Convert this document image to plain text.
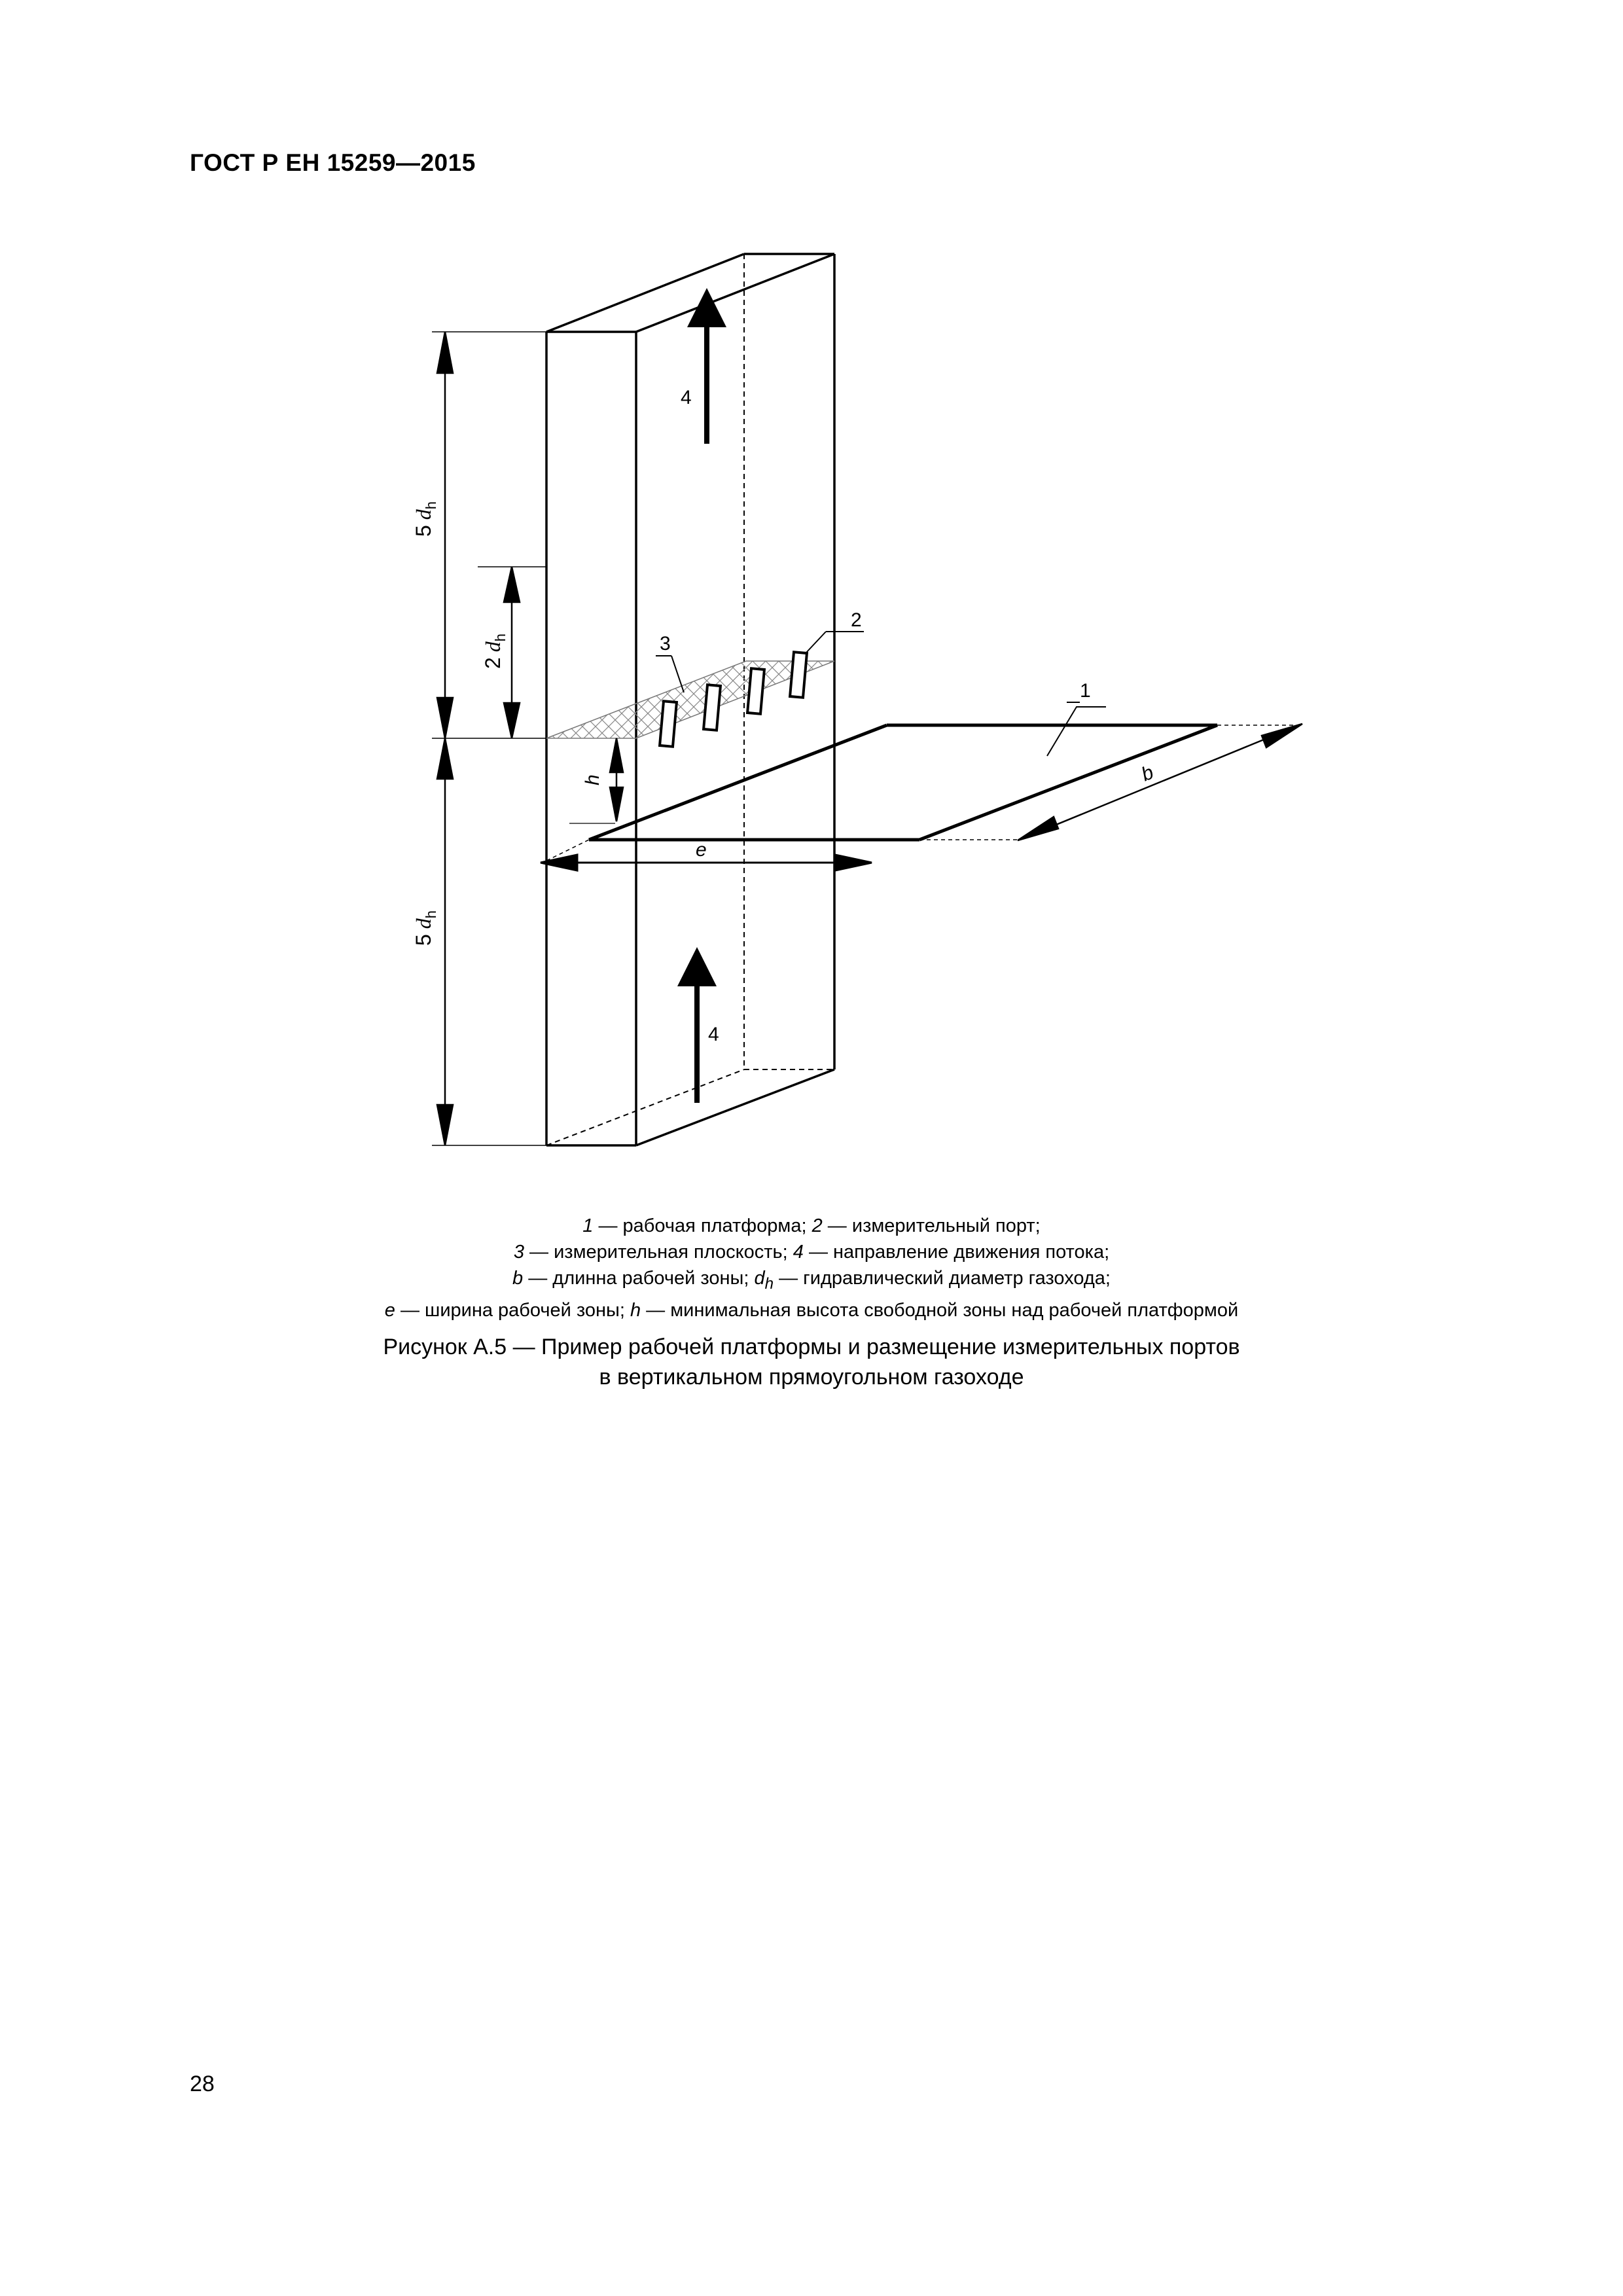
ГОСТ Р ЕН 15259—2015
b
e
h
$5d_h$
$5d_h$
$2d_h$
4
4
1
2
3
1 — рабочая платформа; 2 — измерительный порт;
3 — измерительная плоскость; 4 — направление движения потока;
b — длинна рабочей зоны; $d_h$ — гидравлический диаметр газохода;
e — ширина рабочей зоны; h — минимальная высота свободной зоны над рабочей платформой
Рисунок А.5 — Пример рабочей платформы и размещение измерительных портов
в вертикальном прямоугольном газоходе
28
